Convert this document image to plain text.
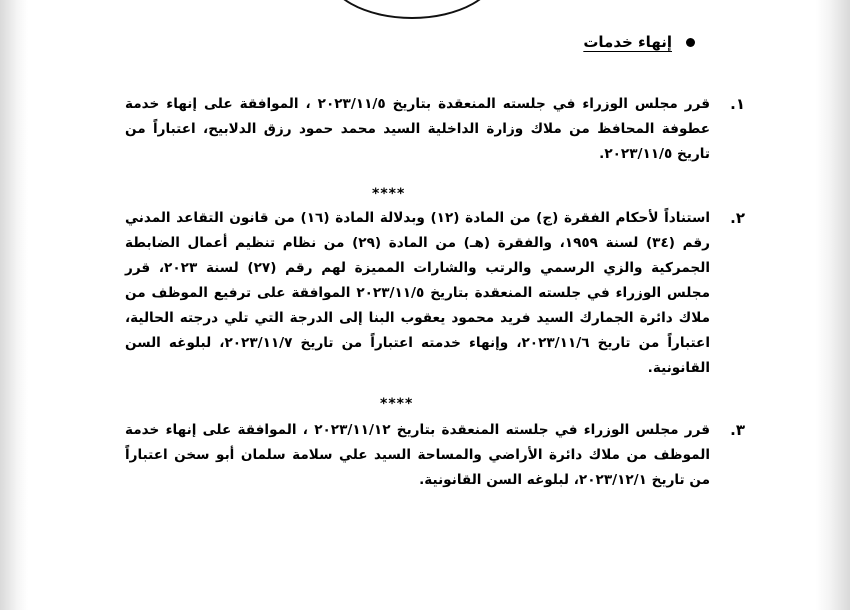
إنهاء خدمات
.١
قرر مجلس الوزراء في جلسته المنعقدة بتاريخ ٢٠٢٣/١١/٥ ، الموافقة على إنهاء خدمة عطوفة المحافظ من ملاك وزارة الداخلية السيد محمد حمود رزق الدلابيح، اعتباراً من تاريخ ٢٠٢٣/١١/٥.
****
.٢
استناداً لأحكام الفقرة (ج) من المادة (١٢) وبدلالة المادة (١٦) من قانون التقاعد المدني رقم (٣٤) لسنة ١٩٥٩، والفقرة (هـ) من المادة (٢٩) من نظام تنظيم أعمال الضابطة الجمركية والزي الرسمي والرتب والشارات المميزة لهم رقم (٢٧) لسنة ٢٠٢٣، قرر مجلس الوزراء في جلسته المنعقدة بتاريخ ٢٠٢٣/١١/٥ الموافقة على ترفيع الموظف من ملاك دائرة الجمارك السيد فريد محمود يعقوب البنا إلى الدرجة التي تلي درجته الحالية، اعتباراً من تاريخ ٢٠٢٣/١١/٦، وإنهاء خدمته اعتباراً من تاريخ ٢٠٢٣/١١/٧، لبلوغه السن القانونية.
****
.٣
قرر مجلس الوزراء في جلسته المنعقدة بتاريخ ٢٠٢٣/١١/١٢ ، الموافقة على إنهاء خدمة الموظف من ملاك دائرة الأراضي والمساحة السيد علي سلامة سلمان أبو سخن اعتباراً من تاريخ ٢٠٢٣/١٢/١، لبلوغه السن القانونية.
